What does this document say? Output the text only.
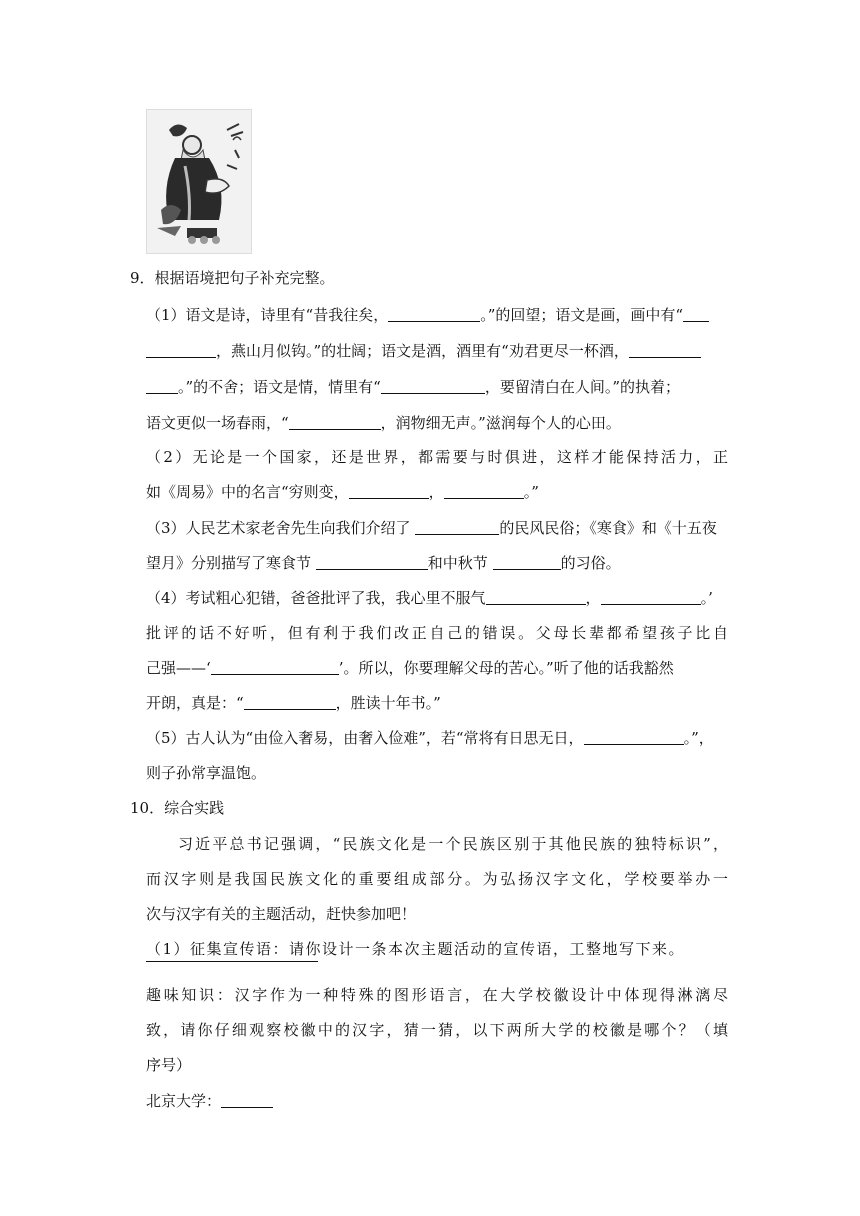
9．根据语境把句子补充完整。
（1）语文是诗，诗里有“昔我往矣，	。”的回望；语文是画，画中有“
，燕山月似钩。”的壮阔；语文是酒，酒里有“劝君更尽一杯酒，
。”的不舍；语文是情，情里有“	，要留清白在人间。”的执着；
语文更似一场春雨，“	，润物细无声。”滋润每个人的心田。
（2）无论是一个国家，还是世界，都需要与时俱进，这样才能保持活力，正
如《周易》中的名言“穷则变，	，	。”
（3）人民艺术家老舍先生向我们介绍了	的民风民俗；《寒食》和《十五夜
望月》分别描写了寒食节	和中秋节	的习俗。
（4）考试粗心犯错，爸爸批评了我，我心里不服气	，	。’
批评的话不好听，但有利于我们改正自己的错误。父母长辈都希望孩子比自
己强——‘	’。所以，你要理解父母的苦心。”听了他的话我豁然
开朗，真是：“	，胜读十年书。”
（5）古人认为“由俭入奢易，由奢入俭难”，若“常将有日思无日，	。”，
则子孙常享温饱。
10．综合实践
习近平总书记强调，“民族文化是一个民族区别于其他民族的独特标识”，
而汉字则是我国民族文化的重要组成部分。为弘扬汉字文化，学校要举办一
次与汉字有关的主题活动，赶快参加吧！
（1）征集宣传语：请你设计一条本次主题活动的宣传语，工整地写下来。
趣味知识：汉字作为一种特殊的图形语言，在大学校徽设计中体现得淋漓尽
致，请你仔细观察校徽中的汉字，猜一猜，以下两所大学的校徽是哪个？（填
序号）
北京大学：
